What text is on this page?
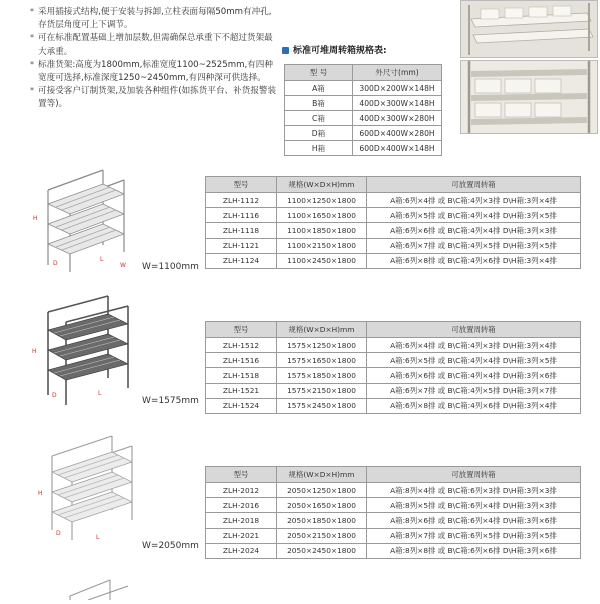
* 采用插接式结构,便于安装与拆卸,立柱表面每隔50mm有冲孔,存货层角度可上下调节。
* 可在标准配置基础上增加层数,但需确保总承重下不超过货架最大承重。
* 标准货架:高度为1800mm,标准宽度1100~2525mm,有四种宽度可选择,标准深度1250~2450mm,有四种深可供选择。
* 可接受客户订制货架,及加装各种组件(如拣货平台、补货报警装置等)。
标准可堆周转箱规格表:
型 号	外尺寸(mm)
A箱	300D×200W×148H
B箱	400D×300W×148H
C箱	400D×300W×280H
D箱	600D×400W×280H
H箱	600D×400W×148H
H
D
L
W W=1100mm
型号	规格(W×D×H)mm	可放置周转箱
ZLH-1112	1100×1250×1800	A箱:6列×4排 或 B\C箱:4列×3排 D\H箱:3列×4排
ZLH-1116	1100×1650×1800	A箱:6列×5排 或 B\C箱:4列×4排 D\H箱:3列×5排
ZLH-1118	1100×1850×1800	A箱:6列×6排 或 B\C箱:4列×4排 D\H箱:3列×3排
ZLH-1121	1100×2150×1800	A箱:6列×7排 或 B\C箱:4列×5排 D\H箱:3列×5排
ZLH-1124	1100×2450×1800	A箱:6列×8排 或 B\C箱:4列×6排 D\H箱:3列×4排
H
D	L
W=1575mm
型号	规格(W×D×H)mm	可放置周转箱
ZLH-1512	1575×1250×1800	A箱:6列×4排 或 B\C箱:4列×3排 D\H箱:3列×4排
ZLH-1516	1575×1650×1800	A箱:6列×5排 或 B\C箱:4列×4排 D\H箱:3列×5排
ZLH-1518	1575×1850×1800	A箱:6列×6排 或 B\C箱:4列×4排 D\H箱:3列×6排
ZLH-1521	1575×2150×1800	A箱:6列×7排 或 B\C箱:4列×5排 D\H箱:3列×7排
ZLH-1524	1575×2450×1800	A箱:6列×8排 或 B\C箱:4列×6排 D\H箱:3列×4排
H
D
L
W=2050mm
型号	规格(W×D×H)mm	可放置周转箱
ZLH-2012	2050×1250×1800	A箱:8列×4排 或 B\C箱:6列×3排 D\H箱:3列×3排
ZLH-2016	2050×1650×1800	A箱:8列×5排 或 B\C箱:6列×4排 D\H箱:3列×3排
ZLH-2018	2050×1850×1800	A箱:8列×6排 或 B\C箱:6列×4排 D\H箱:3列×6排
ZLH-2021	2050×2150×1800	A箱:8列×7排 或 B\C箱:6列×5排 D\H箱:3列×5排
ZLH-2024	2050×2450×1800	A箱:8列×8排 或 B\C箱:6列×6排 D\H箱:3列×6排
